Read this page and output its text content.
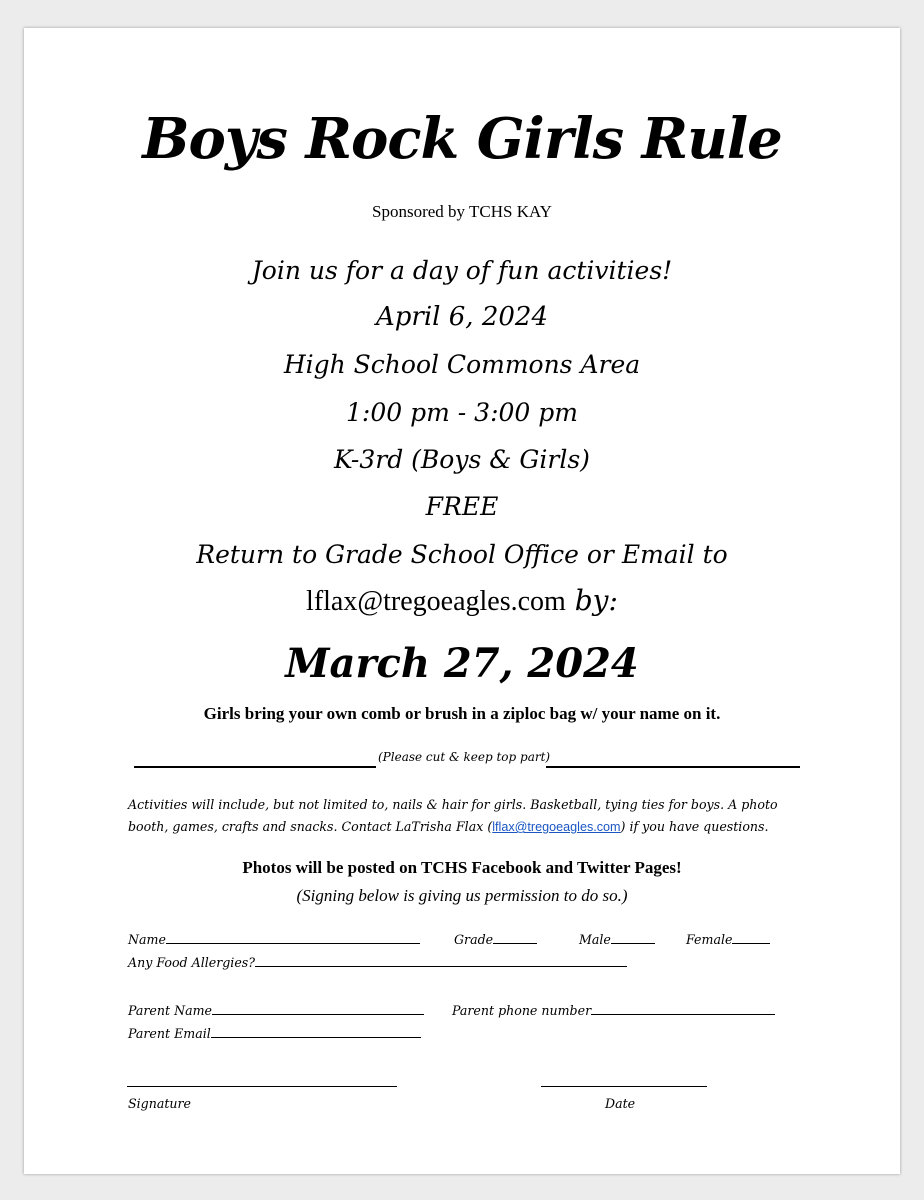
Boys Rock Girls Rule
Sponsored by TCHS KAY
Join us for a day of fun activities!
April 6, 2024
High School Commons Area
1:00 pm - 3:00 pm
K-3rd (Boys & Girls)
FREE
Return to Grade School Office or Email to
lflax@tregoeagles.com by:
March 27, 2024
Girls bring your own comb or brush in a ziploc bag w/ your name on it.
(Please cut & keep top part)
Activities will include, but not limited to, nails & hair for girls. Basketball, tying ties for boys. A photo booth, games, crafts and snacks. Contact LaTrisha Flax (lflax@tregoeagles.com) if you have questions.
Photos will be posted on TCHS Facebook and Twitter Pages!
(Signing below is giving us permission to do so.)
Name	Grade	Male	Female
Any Food Allergies?
Parent Name	Parent phone number
Parent Email
Signature	Date
